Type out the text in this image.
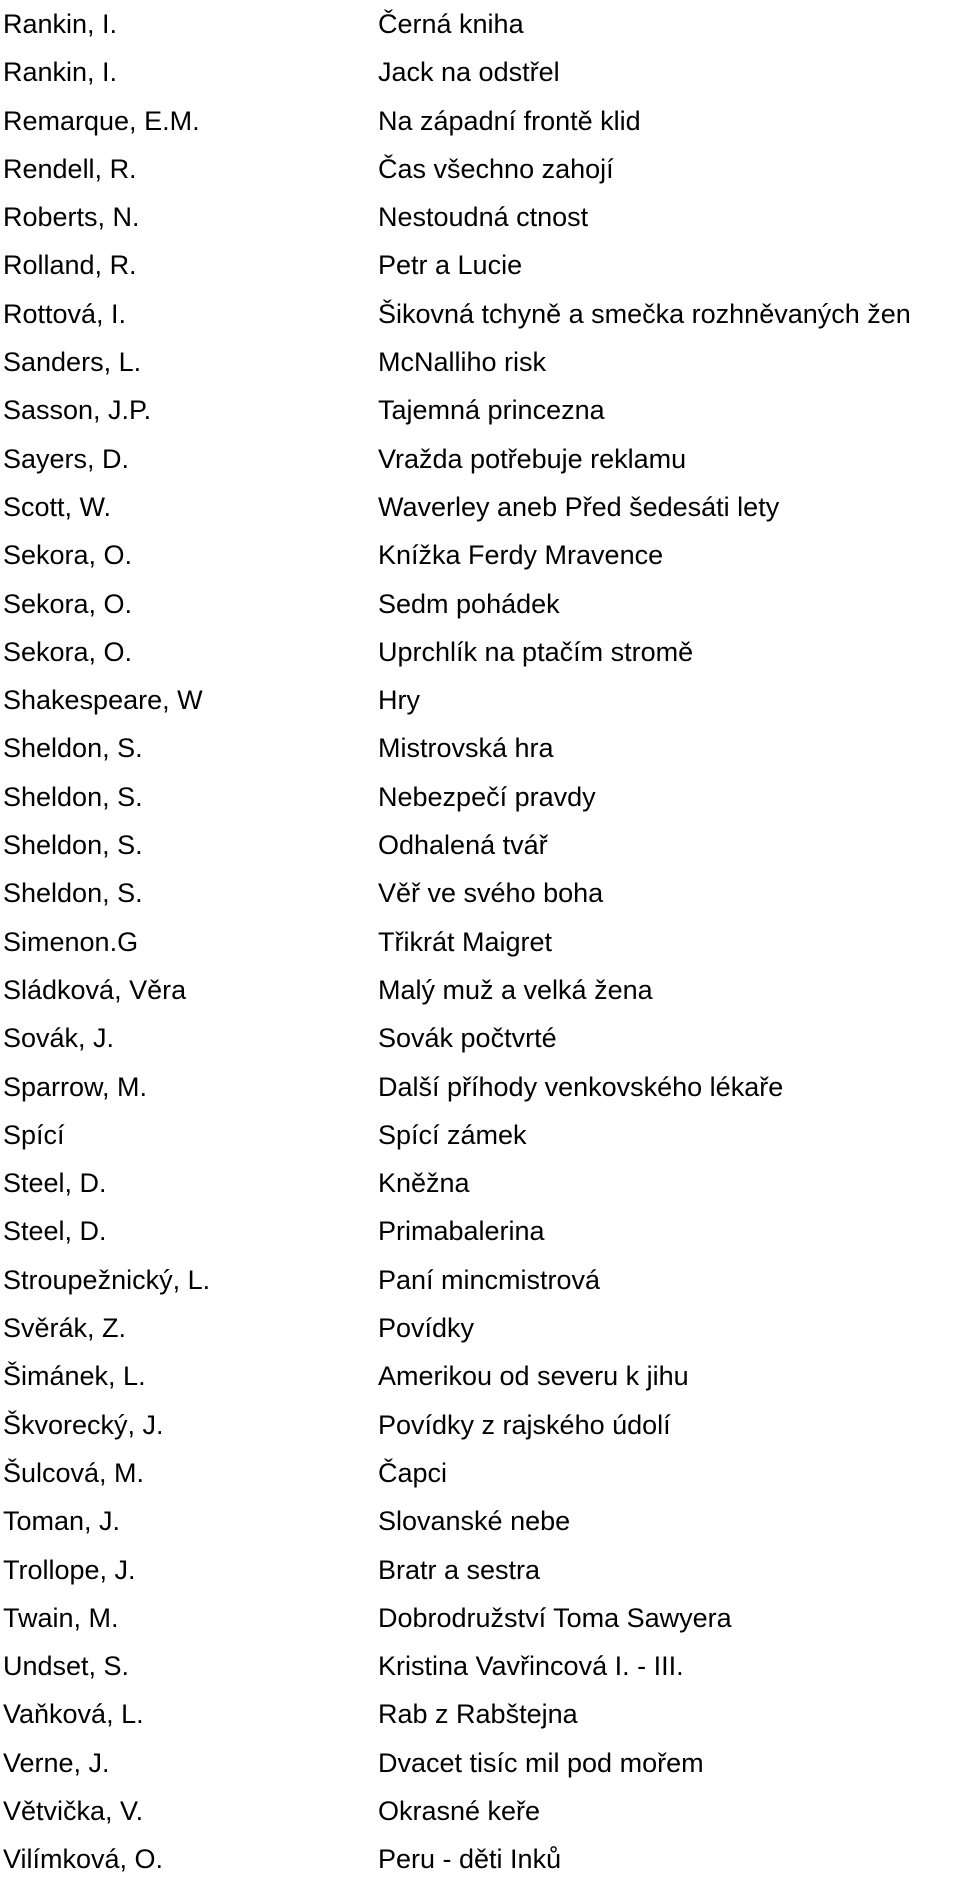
Rankin, I.	Černá kniha
Rankin, I.	Jack na odstřel
Remarque, E.M.	Na západní frontě klid
Rendell, R.	Čas všechno zahojí
Roberts, N.	Nestoudná ctnost
Rolland, R.	Petr a Lucie
Rottová, I.	Šikovná tchyně a smečka rozhněvaných žen
Sanders, L.	McNalliho risk
Sasson, J.P.	Tajemná princezna
Sayers, D.	Vražda potřebuje reklamu
Scott, W.	Waverley aneb Před šedesáti lety
Sekora, O.	Knížka Ferdy Mravence
Sekora, O.	Sedm pohádek
Sekora, O.	Uprchlík na ptačím stromě
Shakespeare, W	Hry
Sheldon, S.	Mistrovská hra
Sheldon, S.	Nebezpečí pravdy
Sheldon, S.	Odhalená tvář
Sheldon, S.	Věř ve svého boha
Simenon.G	Třikrát Maigret
Sládková, Věra	Malý muž a velká žena
Sovák, J.	Sovák počtvrté
Sparrow, M.	Další příhody venkovského lékaře
Spící	Spící zámek
Steel, D.	Kněžna
Steel, D.	Primabalerina
Stroupežnický, L.	Paní mincmistrová
Svěrák, Z.	Povídky
Šimánek, L.	Amerikou od severu k jihu
Škvorecký, J.	Povídky z rajského údolí
Šulcová, M.	Čapci
Toman, J.	Slovanské nebe
Trollope, J.	Bratr a sestra
Twain, M.	Dobrodružství Toma Sawyera
Undset, S.	Kristina Vavřincová I. - III.
Vaňková, L.	Rab z Rabštejna
Verne, J.	Dvacet tisíc mil pod mořem
Větvička, V.	Okrasné keře
Vilímková, O.	Peru - děti Inků
